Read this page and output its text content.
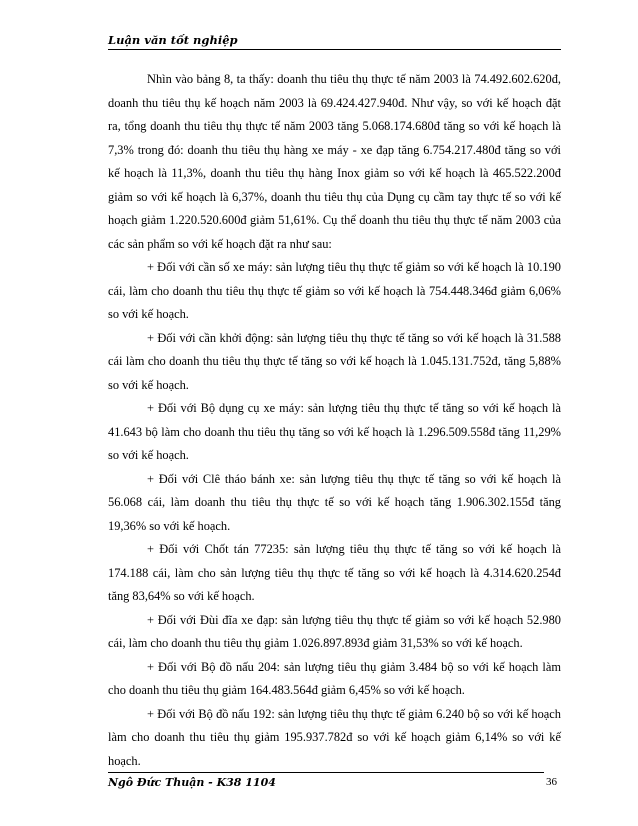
Luận văn tốt nghiệp

Nhìn vào bảng 8, ta thấy: doanh thu tiêu thụ thực tế năm 2003 là 74.492.602.620đ, doanh thu tiêu thụ kế hoạch năm 2003 là 69.424.427.940đ. Như vậy, so với kế hoạch đặt ra, tổng doanh thu tiêu thụ thực tế năm 2003 tăng 5.068.174.680đ tăng so với kế hoạch là 7,3% trong đó: doanh thu tiêu thụ hàng xe máy - xe đạp tăng 6.754.217.480đ tăng so với kế hoạch là 11,3%, doanh thu tiêu thụ hàng Inox giảm so với kế hoạch là 465.522.200đ giảm so với kế hoạch là 6,37%, doanh thu tiêu thụ của Dụng cụ cầm tay thực tế so với kế hoạch giảm 1.220.520.600đ giảm 51,61%. Cụ thể doanh thu tiêu thụ thực tế năm 2003 của các sản phẩm so với kế hoạch đặt ra như sau:

+ Đối với cần số xe máy: sản lượng tiêu thụ thực tế giảm so với kế hoạch là 10.190 cái, làm cho doanh thu tiêu thụ thực tế giảm so với kế hoạch là 754.448.346đ giảm 6,06% so với kế hoạch.

+ Đối với cần khởi động: sản lượng tiêu thụ thực tế tăng so với kế hoạch là 31.588 cái làm cho doanh thu tiêu thụ thực tế tăng so với kế hoạch là 1.045.131.752đ, tăng 5,88% so với kế hoạch.

+ Đối với Bộ dụng cụ xe máy: sản lượng tiêu thụ thực tế tăng so với kế hoạch là 41.643 bộ làm cho doanh thu tiêu thụ tăng so với kế hoạch là 1.296.509.558đ tăng 11,29% so với kế hoạch.

+ Đối với Clê tháo bánh xe: sản lượng tiêu thụ thực tế tăng so với kế hoạch là 56.068 cái, làm doanh thu tiêu thụ thực tế so với kế hoạch tăng 1.906.302.155đ tăng 19,36% so với kế hoạch.

+ Đối với Chốt tán 77235: sản lượng tiêu thụ thực tế tăng so với kế hoạch là 174.188 cái, làm cho sản lượng tiêu thụ thực tế tăng so với kế hoạch là 4.314.620.254đ tăng 83,64% so với kế hoạch.

+ Đối với Đùi đĩa xe đạp: sản lượng tiêu thụ thực tế giảm so với kế hoạch 52.980 cái, làm cho doanh thu tiêu thụ giảm 1.026.897.893đ giảm 31,53% so với kế hoạch.

+ Đối với Bộ đồ nấu 204: sản lượng tiêu thụ giảm 3.484 bộ so với kế hoạch làm cho doanh thu tiêu thụ giảm 164.483.564đ giảm 6,45% so với kế hoạch.

+ Đối với Bộ đồ nấu 192: sản lượng tiêu thụ thực tế giảm 6.240 bộ so với kế hoạch làm cho doanh thu tiêu thụ giảm 195.937.782đ so với kế hoạch giảm 6,14% so với kế hoạch.

Ngô Đức Thuận - K38 1104	36
